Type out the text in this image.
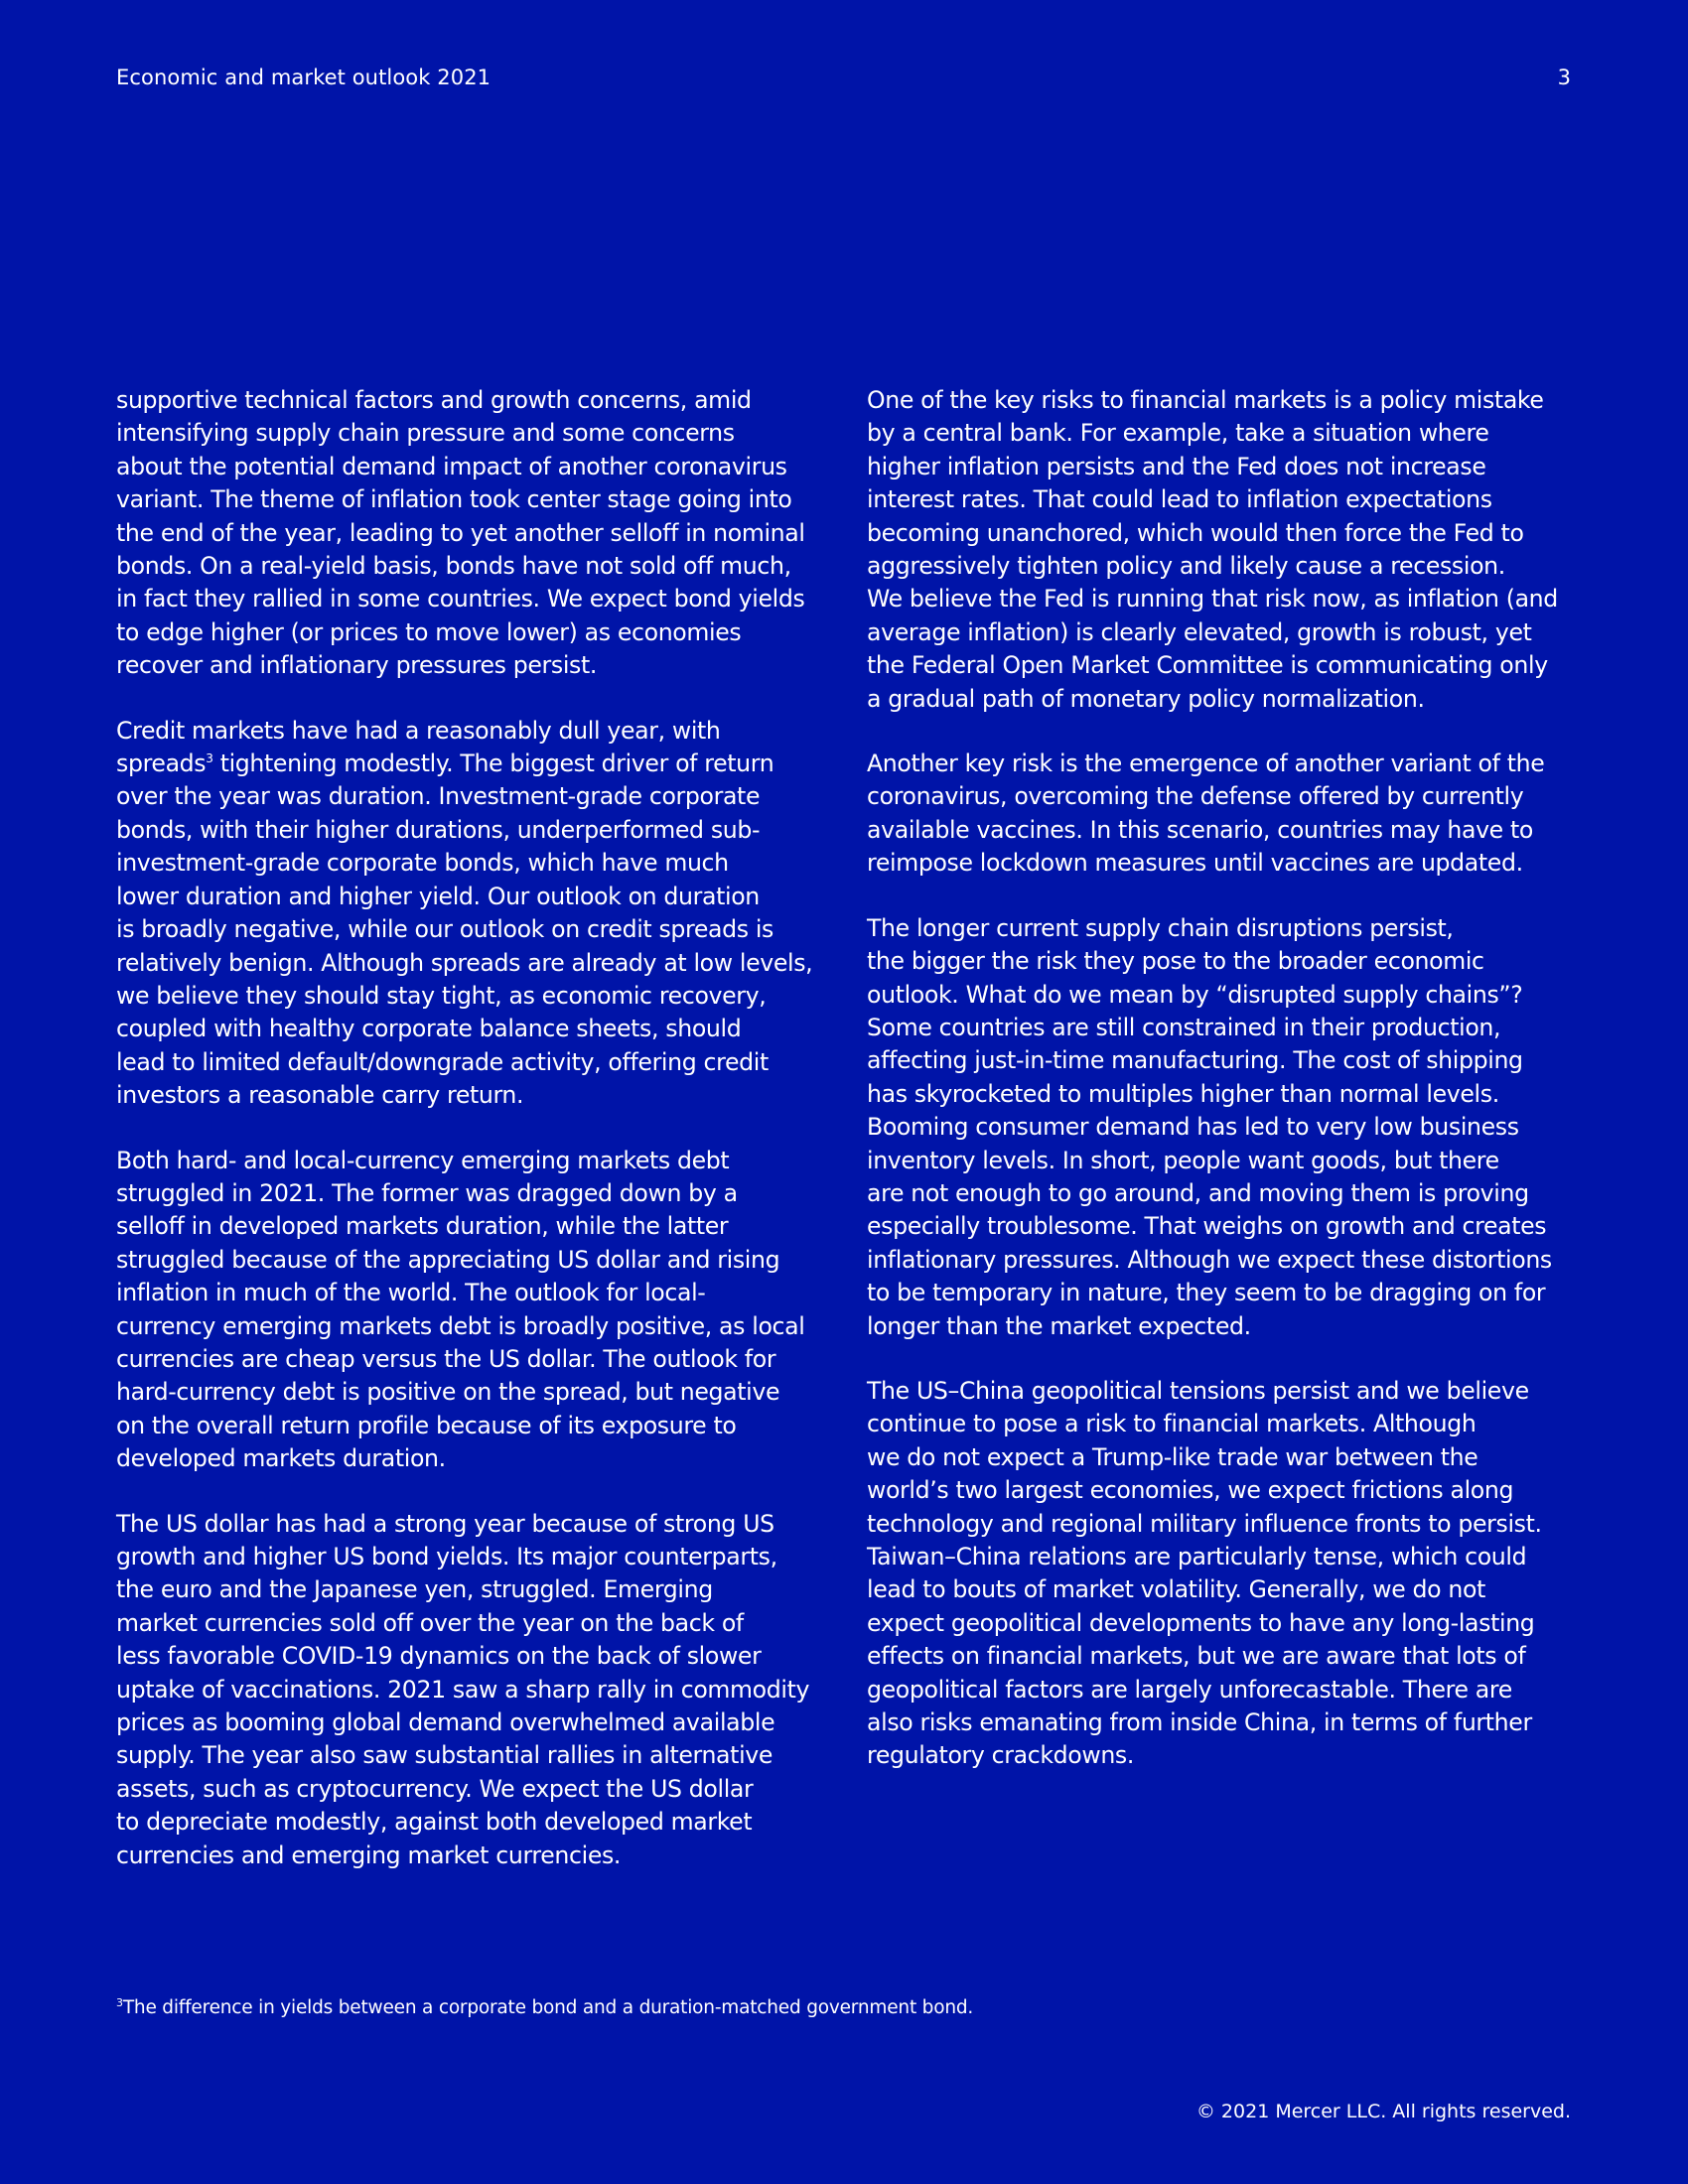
Economic and market outlook 2021	3

supportive technical factors and growth concerns, amid
intensifying supply chain pressure and some concerns
about the potential demand impact of another coronavirus
variant. The theme of inflation took center stage going into
the end of the year, leading to yet another selloff in nominal
bonds. On a real-yield basis, bonds have not sold off much,
in fact they rallied in some countries. We expect bond yields
to edge higher (or prices to move lower) as economies
recover and inflationary pressures persist.

Credit markets have had a reasonably dull year, with
spreads$^3$ tightening modestly. The biggest driver of return
over the year was duration. Investment-grade corporate
bonds, with their higher durations, underperformed sub-
investment-grade corporate bonds, which have much
lower duration and higher yield. Our outlook on duration
is broadly negative, while our outlook on credit spreads is
relatively benign. Although spreads are already at low levels,
we believe they should stay tight, as economic recovery,
coupled with healthy corporate balance sheets, should
lead to limited default/downgrade activity, offering credit
investors a reasonable carry return.

Both hard- and local-currency emerging markets debt
struggled in 2021. The former was dragged down by a
selloff in developed markets duration, while the latter
struggled because of the appreciating US dollar and rising
inflation in much of the world. The outlook for local-
currency emerging markets debt is broadly positive, as local
currencies are cheap versus the US dollar. The outlook for
hard-currency debt is positive on the spread, but negative
on the overall return profile because of its exposure to
developed markets duration.

The US dollar has had a strong year because of strong US
growth and higher US bond yields. Its major counterparts,
the euro and the Japanese yen, struggled. Emerging
market currencies sold off over the year on the back of
less favorable COVID-19 dynamics on the back of slower
uptake of vaccinations. 2021 saw a sharp rally in commodity
prices as booming global demand overwhelmed available
supply. The year also saw substantial rallies in alternative
assets, such as cryptocurrency. We expect the US dollar
to depreciate modestly, against both developed market
currencies and emerging market currencies.

One of the key risks to financial markets is a policy mistake
by a central bank. For example, take a situation where
higher inflation persists and the Fed does not increase
interest rates. That could lead to inflation expectations
becoming unanchored, which would then force the Fed to
aggressively tighten policy and likely cause a recession.
We believe the Fed is running that risk now, as inflation (and
average inflation) is clearly elevated, growth is robust, yet
the Federal Open Market Committee is communicating only
a gradual path of monetary policy normalization.

Another key risk is the emergence of another variant of the
coronavirus, overcoming the defense offered by currently
available vaccines. In this scenario, countries may have to
reimpose lockdown measures until vaccines are updated.

The longer current supply chain disruptions persist,
the bigger the risk they pose to the broader economic
outlook. What do we mean by “disrupted supply chains”?
Some countries are still constrained in their production,
affecting just-in-time manufacturing. The cost of shipping
has skyrocketed to multiples higher than normal levels.
Booming consumer demand has led to very low business
inventory levels. In short, people want goods, but there
are not enough to go around, and moving them is proving
especially troublesome. That weighs on growth and creates
inflationary pressures. Although we expect these distortions
to be temporary in nature, they seem to be dragging on for
longer than the market expected.

The US–China geopolitical tensions persist and we believe
continue to pose a risk to financial markets. Although
we do not expect a Trump-like trade war between the
world’s two largest economies, we expect frictions along
technology and regional military influence fronts to persist.
Taiwan–China relations are particularly tense, which could
lead to bouts of market volatility. Generally, we do not
expect geopolitical developments to have any long-lasting
effects on financial markets, but we are aware that lots of
geopolitical factors are largely unforecastable. There are
also risks emanating from inside China, in terms of further
regulatory crackdowns.

$^3$The difference in yields between a corporate bond and a duration-matched government bond.
© 2021 Mercer LLC. All rights reserved.
